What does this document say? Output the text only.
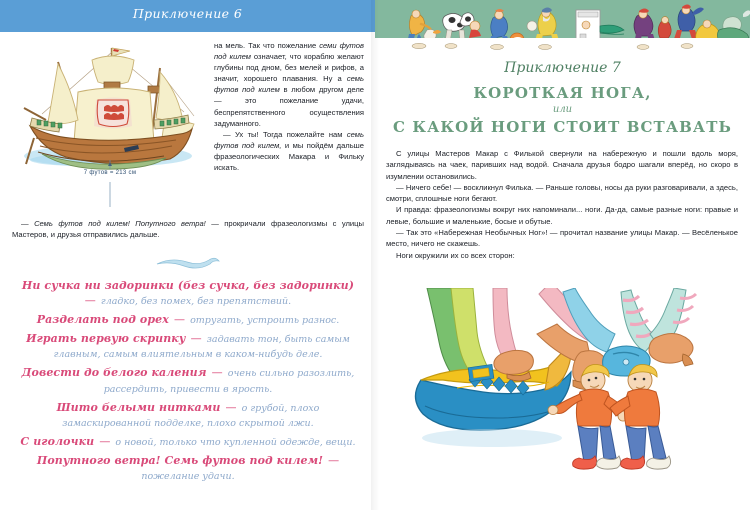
Приключение 6
7 футов = 213 см

на мель. Так что пожелание семи футов под килем означает, что кораблю желают глубины под дном, без мелей и рифов, а значит, хорошего плавания. Ну а семь футов под килем в любом другом деле — это пожелание удачи, беспрепятственного осуществления задуманного.

— Ух ты! Тогда пожелайте нам семь футов под килем, и мы пойдём дальше фразеологических Макара и Фильку искать.

— Семь футов под килем! Попутного ветра! — прокричали фразеологизмы с улицы Мастеров, и друзья отправились дальше.

Ни сучка ни задоринки (без сучка, без задоринки) — гладко, без помех, без препятствий.
Разделать под орех — отругать, устроить разнос.
Играть первую скрипку — задавать тон, быть самым главным, самым влиятельным в каком-нибудь деле.
Довести до белого каления — очень сильно разозлить, рассердить, привести в ярость.
Шито белыми нитками — о грубой, плохо замаскированной подделке, плохо скрытой лжи.
С иголочки — о новой, только что купленной одежде, вещи.
Попутного ветра! Семь футов под килем! — пожелание удачи.
Приключение 7
КОРОТКАЯ НОГА,
или
С КАКОЙ НОГИ СТОИТ ВСТАВАТЬ

С улицы Мастеров Макар с Филькой свернули на набережную и пошли вдоль моря, заглядываясь на чаек, паривших над водой. Сначала друзья бодро шагали вперёд, но скоро в изумлении остановились.

— Ничего себе! — воскликнул Филька. — Раньше головы, носы да руки разговаривали, а здесь, смотри, сплошные ноги бегают.

И правда: фразеологизмы вокруг них напоминали... ноги. Да-да, самые разные ноги: правые и левые, большие и маленькие, босые и обутые.

— Так это «Набережная Необычных Ног»! — прочитал название улицы Макар. — Весёленькое место, ничего не скажешь.

Ноги окружили их со всех сторон:
